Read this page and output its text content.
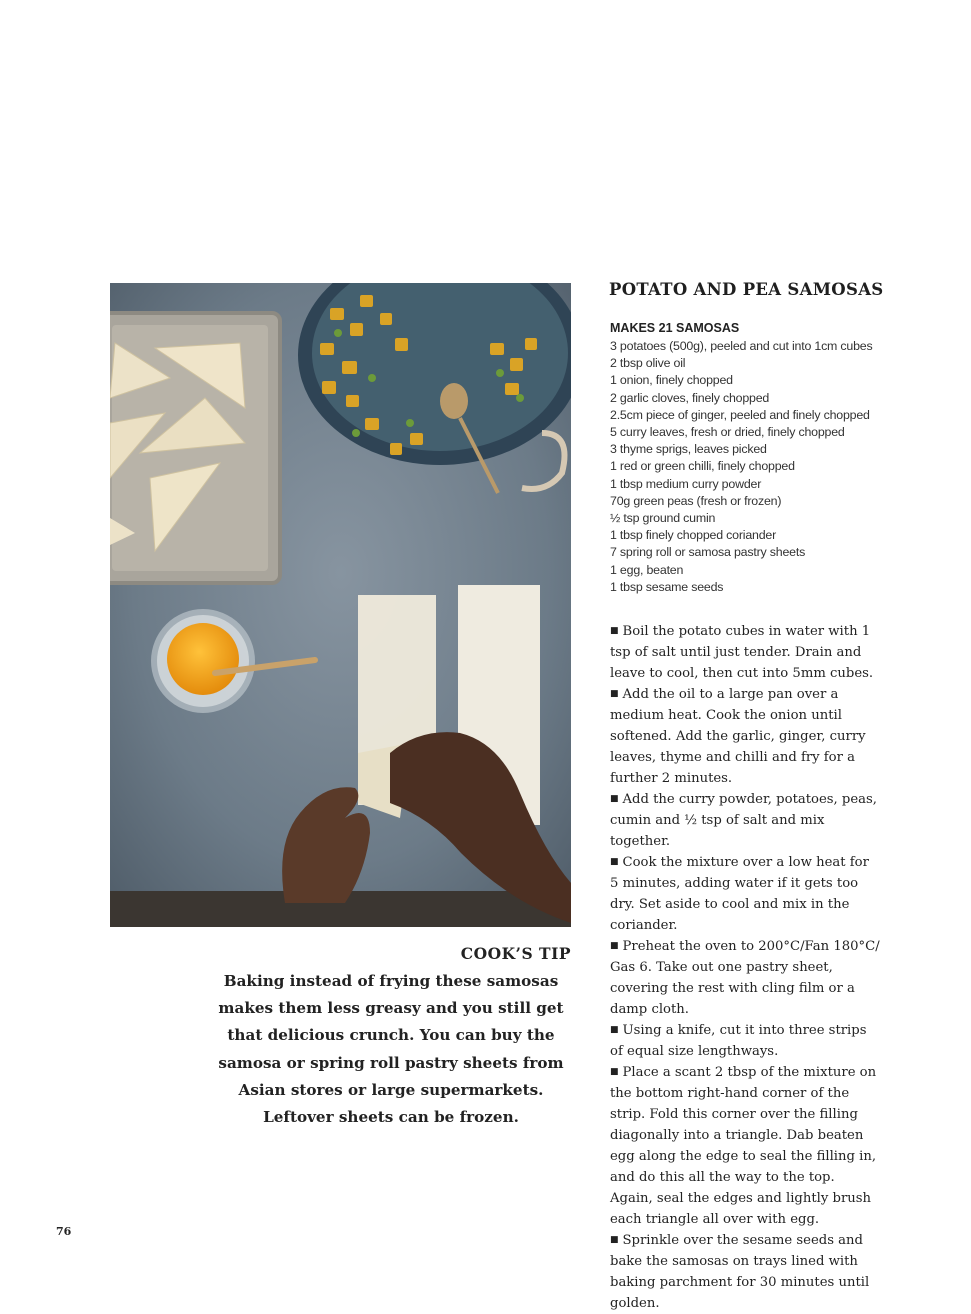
POTATO AND PEA SAMOSAS

MAKES 21 SAMOSAS

3 potatoes (500g), peeled and cut into 1cm cubes
2 tbsp olive oil
1 onion, finely chopped
2 garlic cloves, finely chopped
2.5cm piece of ginger, peeled and finely chopped
5 curry leaves, fresh or dried, finely chopped
3 thyme sprigs, leaves picked
1 red or green chilli, finely chopped
1 tbsp medium curry powder
70g green peas (fresh or frozen)
½ tsp ground cumin
1 tbsp finely chopped coriander
7 spring roll or samosa pastry sheets
1 egg, beaten
1 tbsp sesame seeds

■ Boil the potato cubes in water with 1 tsp of salt until just tender. Drain and leave to cool, then cut into 5mm cubes.

■ Add the oil to a large pan over a medium heat. Cook the onion until softened. Add the garlic, ginger, curry leaves, thyme and chilli and fry for a further 2 minutes.

■ Add the curry powder, potatoes, peas, cumin and ½ tsp of salt and mix together.

■ Cook the mixture over a low heat for 5 minutes, adding water if it gets too dry. Set aside to cool and mix in the coriander.

■ Preheat the oven to 200°C/Fan 180°C/ Gas 6. Take out one pastry sheet, covering the rest with cling film or a damp cloth.

■ Using a knife, cut it into three strips of equal size lengthways.

■ Place a scant 2 tbsp of the mixture on the bottom right-hand corner of the strip. Fold this corner over the filling diagonally into a triangle. Dab beaten egg along the edge to seal the filling in, and do this all the way to the top. Again, seal the edges and lightly brush each triangle all over with egg.

■ Sprinkle over the sesame seeds and bake the samosas on trays lined with baking parchment for 30 minutes until golden.

COOK’S TIP
Baking instead of frying these samosas
makes them less greasy and you still get
that delicious crunch. You can buy the
samosa or spring roll pastry sheets from
Asian stores or large supermarkets.
Leftover sheets can be frozen.
76
